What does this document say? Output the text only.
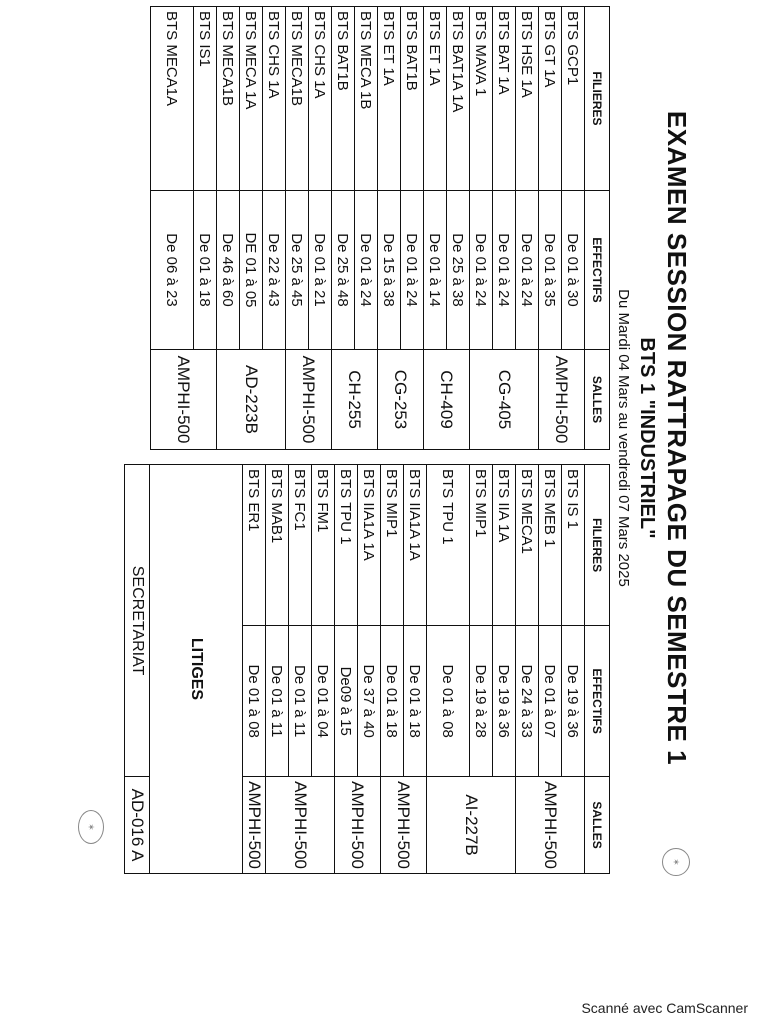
✶
EXAMEN SESSION RATTRAPAGE DU SEMESTRE 1
BTS 1 "INDUSTRIEL"
Du Mardi 04 Mars au vendredi 07 Mars 2025
FILIERES	EFFECTIFS	SALLES
BTS GCP1	De 01 à 30	AMPHI-500
BTS GT 1A	De 01 à 35	
BTS HSE 1A	De 01 à 24	CG-405
BTS BAT 1A	De 01 à 24	
BTS MAVA 1	De 01 à 24	
BTS BAT1A 1A	De 25 à 38	CH-409
BTS ET 1A	De 01 à 14	
BTS BAT1B	De 01 à 24	CG-253
BTS ET 1A	De 15 à 38	
BTS MECA 1B	De 01 à 24	CH-255
BTS BAT1B	De 25 à 48	
BTS CHS 1A	De 01 à 21	AMPHI-500
BTS MECA1B	De 25 à 45	
BTS CHS 1A	De 22 à 43	AD-223B
BTS MECA 1A	DE 01 à 05	
BTS MECA1B	De 46 à 60	
BTS IS1	De 01 à 18	AMPHI-500
BTS MECA1A	De 06 à 23	
FILIERES	EFFECTIFS	SALLES
BTS IS 1	De 19 à 36	AMPHI-500
BTS MEB 1	De 01 à 07	
BTS MECA1	De 24 à 33	
BTS IIA 1A	De 19 à 36	AI-227B
BTS MIP1	De 19 à 28	
BTS TPU 1	De 01 à 08	
BTS IIA1A 1A	De 01 à 18	AMPHI-500
BTS MIP1	De 01 à 18	
BTS IIA1A 1A	De 37 à 40	AMPHI-500
BTS TPU 1	De09 à 15	
BTS FM1	De 01 à 04	AMPHI-500
BTS FC1	De 01 à 11	
BTS MAB1	De 01 à 11	
BTS ER1	De 01 à 08	AMPHI-500
LITIGES		
SECRETARIAT		AD-016 A
✶
Scanné avec CamScanner
